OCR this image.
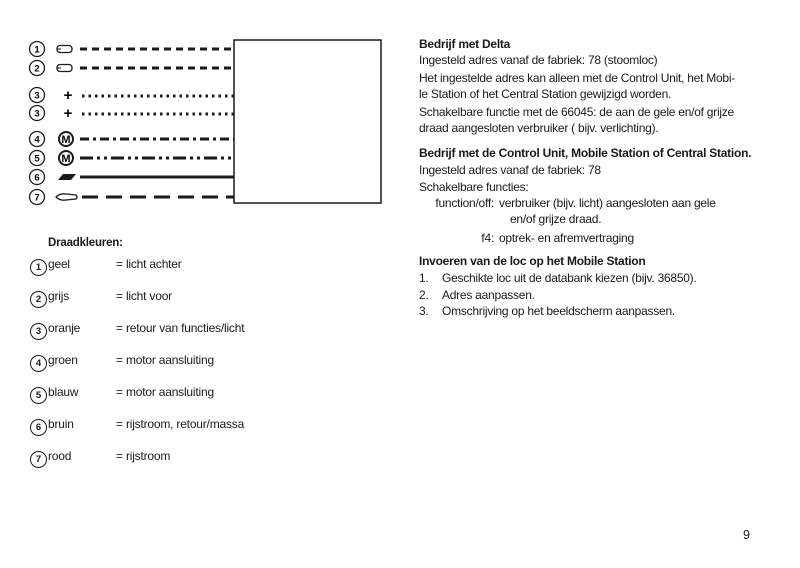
1
2
3 +
3 +
4 M
5 M
6
7
Draadkleuren:
1 geel	= licht achter
2 grijs	= licht voor
3 oranje	= retour van functies/licht
4 groen	= motor aansluiting
5 blauw	= motor aansluiting
6 bruin	= rijstroom, retour/massa
7 rood	= rijstroom
Bedrijf met Delta
Ingesteld adres vanaf de fabriek: 78 (stoomloc)
Het ingestelde adres kan alleen met de Control Unit, het Mobi-
le Station of het Central Station gewijzigd worden.
Schakelbare functie met de 66045: de aan de gele en/of grijze
draad aangesloten verbruiker ( bijv. verlichting).
Bedrijf met de Control Unit, Mobile Station of Central Station.
Ingesteld adres vanaf de fabriek: 78
Schakelbare functies:
function/off: verbruiker (bijv. licht) aangesloten aan gele
en/of grijze draad.
f4: optrek- en afremvertraging
Invoeren van de loc op het Mobile Station
1. Geschikte loc uit de databank kiezen (bijv. 36850).
2. Adres aanpassen.
3. Omschrijving op het beeldscherm aanpassen.
9
